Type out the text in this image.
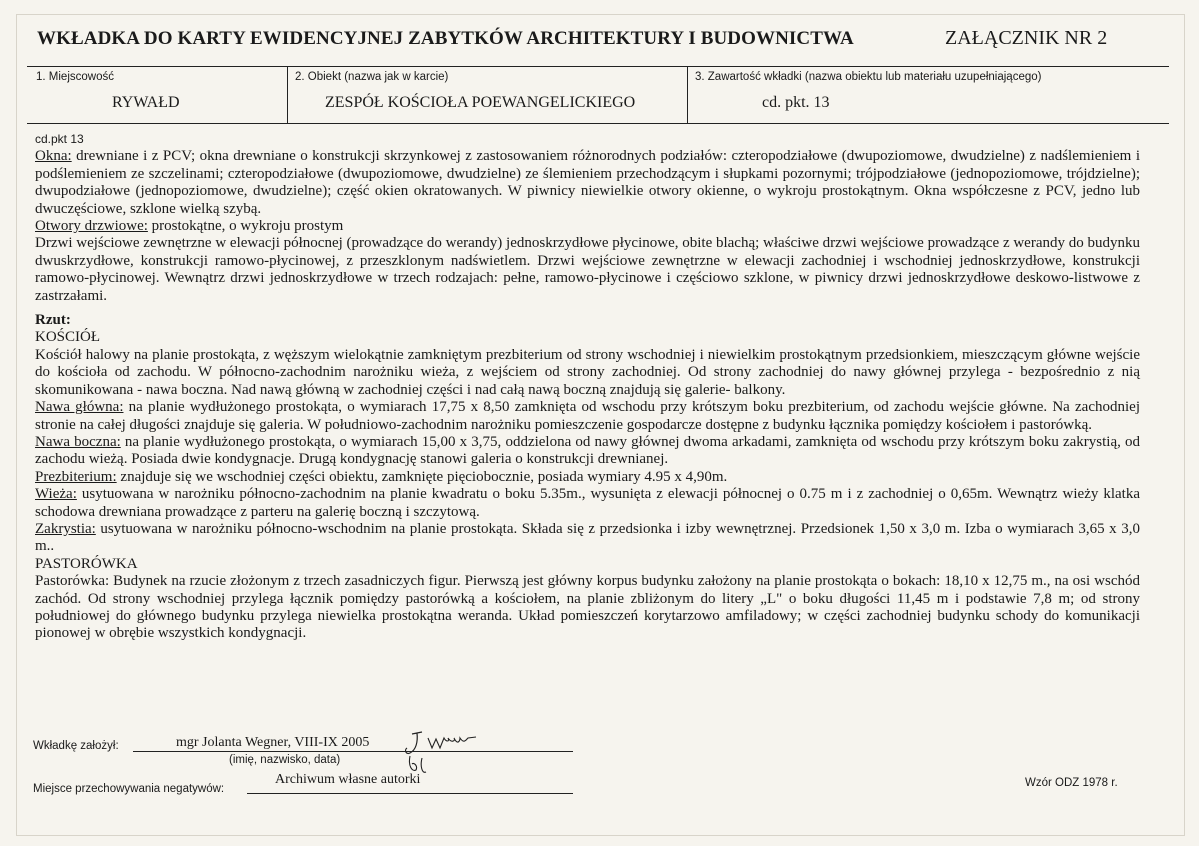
WKŁADKA DO KARTY EWIDENCYJNEJ ZABYTKÓW ARCHITEKTURY I BUDOWNICTWA	ZAŁĄCZNIK NR 2
1. Miejscowość
RYWAŁD
2. Obiekt (nazwa jak w karcie)
ZESPÓŁ KOŚCIOŁA POEWANGELICKIEGO
3. Zawartość wkładki (nazwa obiektu lub materiału uzupełniającego)
cd. pkt. 13

cd.pkt 13

Okna: drewniane i z PCV; okna drewniane o konstrukcji skrzynkowej z zastosowaniem różnorodnych podziałów: czteropodziałowe (dwupoziomowe, dwudzielne) z nadślemieniem i podślemieniem ze szczelinami; czteropodziałowe (dwupoziomowe, dwudzielne) ze ślemieniem przechodzącym i słupkami pozornymi; trójpodziałowe (jednopoziomowe, trójdzielne); dwupodziałowe (jednopoziomowe, dwudzielne); część okien okratowanych. W piwnicy niewielkie otwory okienne, o wykroju prostokątnym. Okna współczesne z PCV, jedno lub dwuczęściowe, szklone wielką szybą.

Otwory drzwiowe: prostokątne, o wykroju prostym

Drzwi wejściowe zewnętrzne w elewacji północnej (prowadzące do werandy) jednoskrzydłowe płycinowe, obite blachą; właściwe drzwi wejściowe prowadzące z werandy do budynku dwuskrzydłowe, konstrukcji ramowo-płycinowej, z przeszklonym nadświetlem. Drzwi wejściowe zewnętrzne w elewacji zachodniej i wschodniej jednoskrzydłowe, konstrukcji ramowo-płycinowej. Wewnątrz drzwi jednoskrzydłowe w trzech rodzajach: pełne, ramowo-płycinowe i częściowo szklone, w piwnicy drzwi jednoskrzydłowe deskowo-listwowe z zastrzałami.

Rzut:

KOŚCIÓŁ

Kościół halowy na planie prostokąta, z węższym wielokątnie zamkniętym prezbiterium od strony wschodniej i niewielkim prostokątnym przedsionkiem, mieszczącym główne wejście do kościoła od zachodu. W północno-zachodnim narożniku wieża, z wejściem od strony zachodniej. Od strony zachodniej do nawy głównej przylega - bezpośrednio z nią skomunikowana - nawa boczna. Nad nawą główną w zachodniej części i nad całą nawą boczną znajdują się galerie- balkony.

Nawa główna: na planie wydłużonego prostokąta, o wymiarach 17,75 x 8,50 zamknięta od wschodu przy krótszym boku prezbiterium, od zachodu wejście główne. Na zachodniej stronie na całej długości znajduje się galeria. W południowo-zachodnim narożniku pomieszczenie gospodarcze dostępne z budynku łącznika pomiędzy kościołem i pastorówką.

Nawa boczna: na planie wydłużonego prostokąta, o wymiarach 15,00 x 3,75, oddzielona od nawy głównej dwoma arkadami, zamknięta od wschodu przy krótszym boku zakrystią, od zachodu wieżą. Posiada dwie kondygnacje. Drugą kondygnację stanowi galeria o konstrukcji drewnianej.

Prezbiterium: znajduje się we wschodniej części obiektu, zamknięte pięciobocznie, posiada wymiary 4.95 x 4,90m.

Wieża: usytuowana w narożniku północno-zachodnim na planie kwadratu o boku 5.35m., wysunięta z elewacji północnej o 0.75 m i z zachodniej o 0,65m. Wewnątrz wieży klatka schodowa drewniana prowadzące z parteru na galerię boczną i szczytową.

Zakrystia: usytuowana w narożniku północno-wschodnim na planie prostokąta. Składa się z przedsionka i izby wewnętrznej. Przedsionek 1,50 x 3,0 m. Izba o wymiarach 3,65 x 3,0 m..

PASTORÓWKA

Pastorówka: Budynek na rzucie złożonym z trzech zasadniczych figur. Pierwszą jest główny korpus budynku założony na planie prostokąta o bokach: 18,10 x 12,75 m., na osi wschód zachód. Od strony wschodniej przylega łącznik pomiędzy pastorówką a kościołem, na planie zbliżonym do litery „L" o boku długości 11,45 m i podstawie 7,8 m; od strony południowej do głównego budynku przylega niewielka prostokątna weranda. Układ pomieszczeń korytarzowo amfiladowy; w części zachodniej budynku schody do komunikacji pionowej w obrębie wszystkich kondygnacji.

Wkładkę założył:	mgr Jolanta Wegner, VIII-IX 2005
(imię, nazwisko, data)
Miejsce przechowywania negatywów:
Archiwum własne autorki	Wzór ODZ 1978 r.
